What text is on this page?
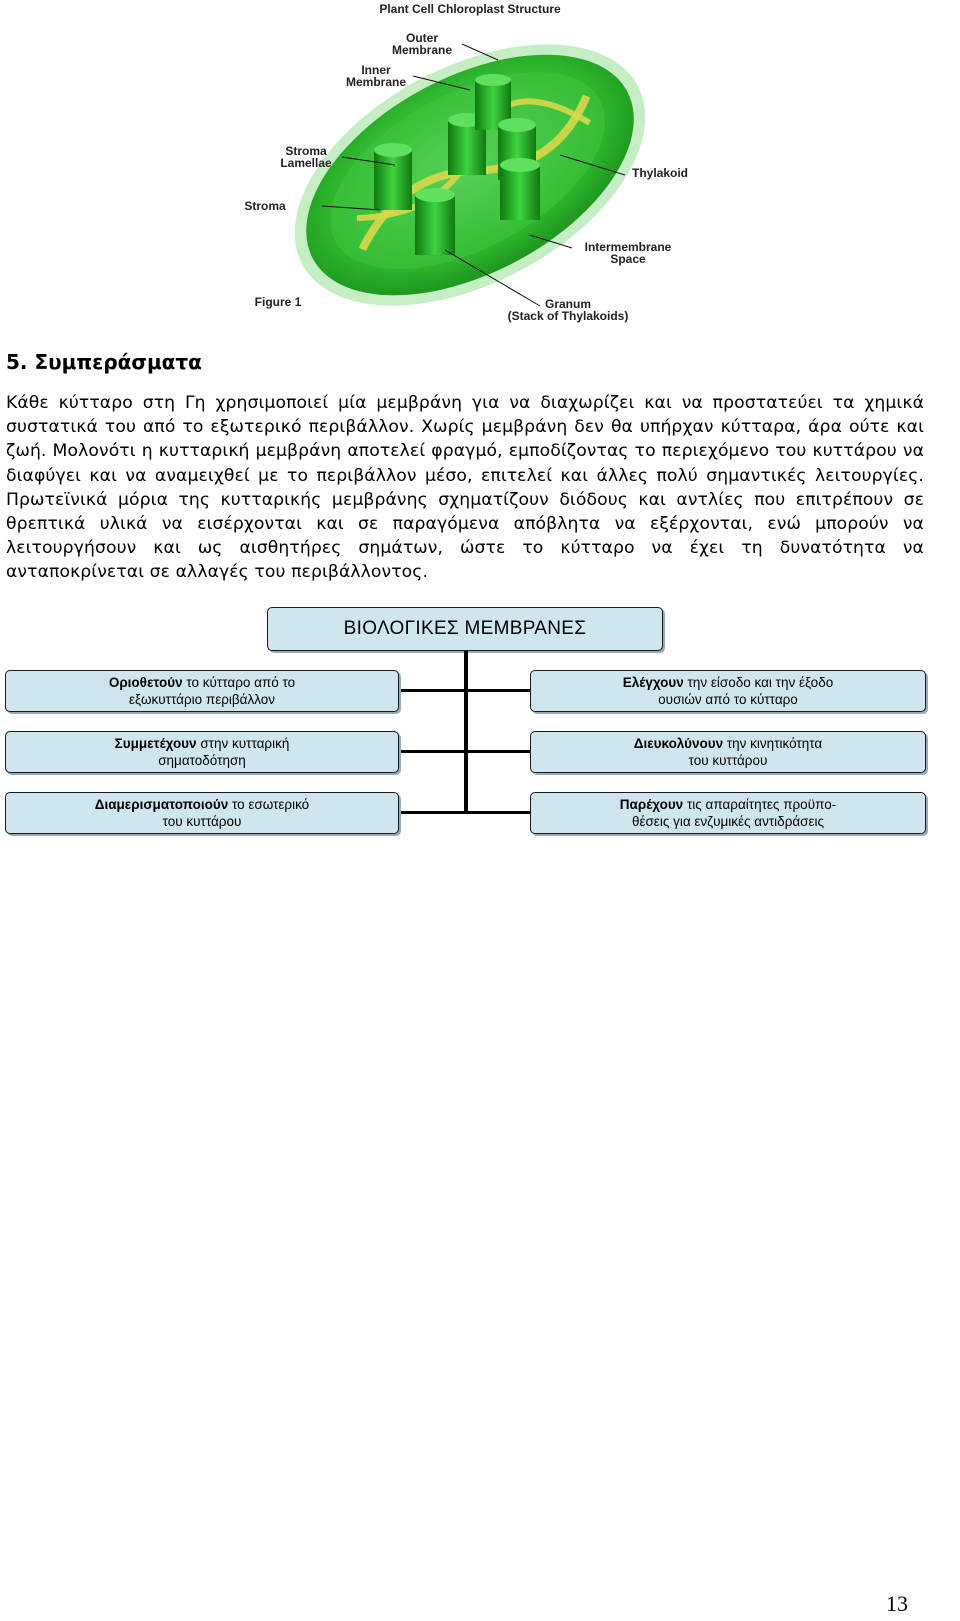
Plant Cell Chloroplast Structure
Outer
Membrane
Inner
Membrane
Stroma
Lamellae
Stroma
Thylakoid
Intermembrane
Space
Figure 1	Granum
(Stack of Thylakoids)
5. Συμπεράσματα

Κάθε κύτταρο στη Γη χρησιμοποιεί μία μεμβράνη για να διαχωρίζει και να προστατεύει τα χημικά συστατικά του από το εξωτερικό περιβάλλον. Χωρίς μεμβράνη δεν θα υπήρχαν κύτταρα, άρα ούτε και ζωή. Μολονότι η κυτταρική μεμβράνη αποτελεί φραγμό, εμποδίζοντας το περιεχόμενο του κυττάρου να διαφύγει και να αναμειχθεί με το περιβάλλον μέσο, επιτελεί και άλλες πολύ σημαντικές λειτουργίες. Πρωτεϊνικά μόρια της κυτταρικής μεμβράνης σχηματίζουν διόδους και αντλίες που επιτρέπουν σε θρεπτικά υλικά να εισέρχονται και σε παραγόμενα απόβλητα να εξέρχονται, ενώ μπορούν να λειτουργήσουν και ως αισθητήρες σημάτων, ώστε το κύτταρο να έχει τη δυνατότητα να ανταποκρίνεται σε αλλαγές του περιβάλλοντος.

ΒΙΟΛΟΓΙΚΕΣ ΜΕΜΒΡΑΝΕΣ
Οριοθετούν το κύτταρο από το
εξωκυττάριο περιβάλλον
Συμμετέχουν στην κυτταρική
σηματοδότηση
Διαμερισματοποιούν το εσωτερικό
του κυττάρου
Ελέγχουν την είσοδο και την έξοδο
ουσιών από το κύτταρο
Διευκολύνουν την κινητικότητα
του κυττάρου
Παρέχουν τις απαραίτητες προϋπο-
θέσεις για ενζυμικές αντιδράσεις
13
